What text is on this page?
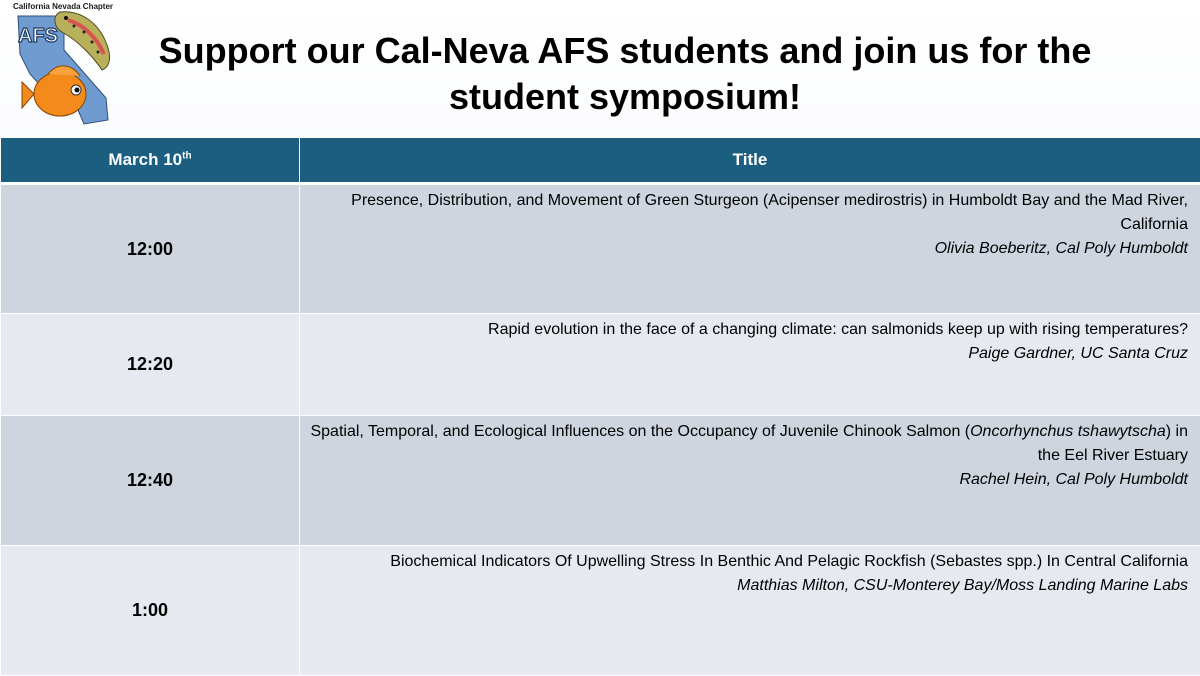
California Nevada Chapter
AFS	Support our Cal-Neva AFS students and join us for the
student symposium!
March 10th	Title
12:00	Presence, Distribution, and Movement of Green Sturgeon (Acipenser medirostris) in Humboldt Bay and the Mad River, California
Olivia Boeberitz, Cal Poly Humboldt

12:20	Rapid evolution in the face of a changing climate: can salmonids keep up with rising temperatures?
Paige Gardner, UC Santa Cruz

12:40	Spatial, Temporal, and Ecological Influences on the Occupancy of Juvenile Chinook Salmon (Oncorhynchus tshawytscha) in the Eel River Estuary
Rachel Hein, Cal Poly Humboldt

1:00	Biochemical Indicators Of Upwelling Stress In Benthic And Pelagic Rockfish (Sebastes spp.) In Central California
Matthias Milton, CSU-Monterey Bay/Moss Landing Marine Labs
